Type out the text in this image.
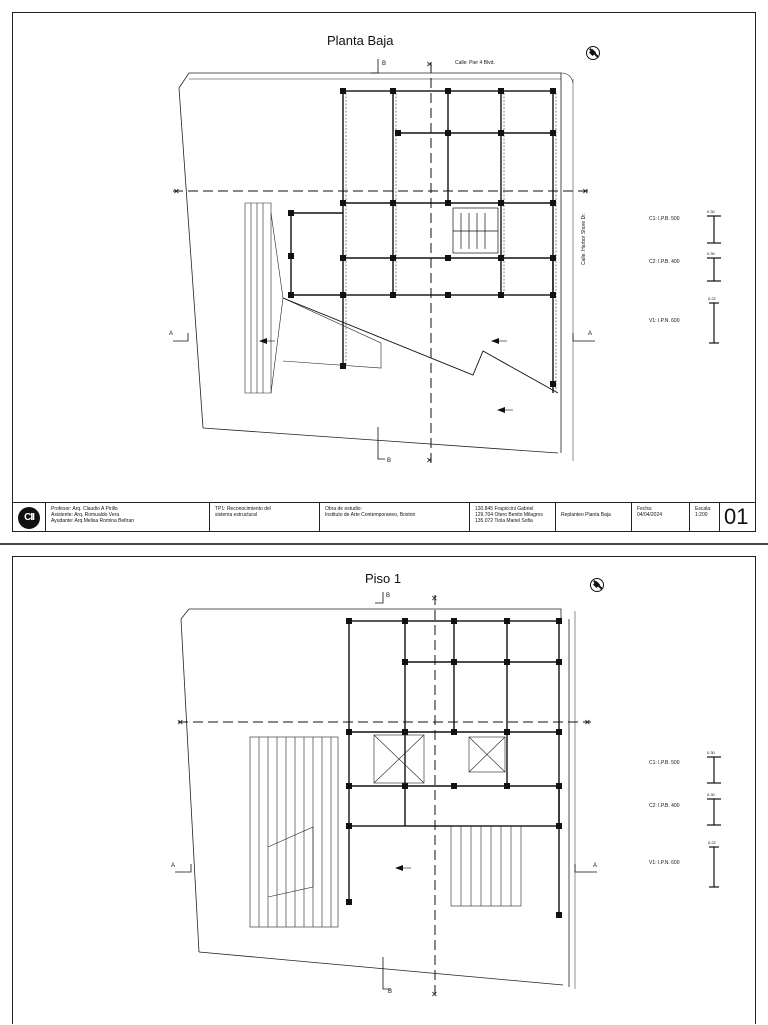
Planta Baja
Calle: Pier 4 Blvd.
Calle: Harbor Shore Dr.
✕	✕
✕
✕
A	A
B
B
C1: I.P.B. 500
C2: I.P.B. 400
V1: I.P.N. 600
0.30
0.30
0.22
CII
Profesor: Arq. Claudio A Pirillo
Asistente: Arq. Romualdo Vera
Ayudante: Arq.Melisa Romina Beltran
TP1: Reconocimiento del
sistema estructural
Obra de estudio:
Instituto de Arte Contemporaneo, Boston
130.845 Frapiccini Gabriel
129.704 Otero Benito Milagros
135.072 Tiola Mariel Sofia
Replanteo Planta Baja
Fecha:
04/04/2024
Escala:
1:200 01
Piso 1
✕	✕
✕
✕
A	A
B
B
C1: I.P.B. 500
C2: I.P.B. 400
V1: I.P.N. 600
0.30
0.30
0.22
